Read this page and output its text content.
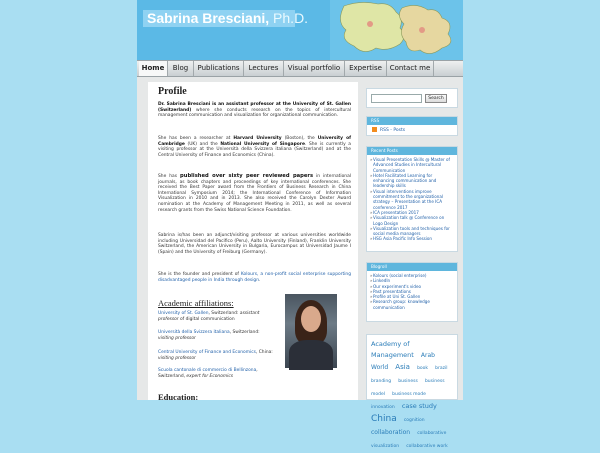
Sabrina Bresciani, Ph.D.
Home	Blog	Publications	Lectures	Visual portfolio	Expertise	Contact me
Profile
Dr. Sabrina Bresciani is an assistant professor at the University of St. Gallen (Switzerland) where she conducts research on the topics of intercultural management communication and visualization for organizational communication.
She has been a researcher at Harvard University (Boston), the University of Cambridge (UK) and the National University of Singapore. She is currently a visiting professor at the Università della Svizzera italiana (Switzerland) and at the Central University of Finance and Economics (China).
She has published over sixty peer reviewed papers in international journals, as book chapters and proceedings of key international conferences. She received the Best Paper award from the Frontiers of Business Research in China International Symposium 2014; the International Conference of Information Visualization in 2010 and in 2013. She also received the Carolyn Dexter Award nomination at the Academy of Management Meeting in 2011, as well as several research grants from the Swiss National Science Foundation.
Sabrina is/has been an adjunct/visiting professor at various universities worldwide including Universidad del Pacifico (Peru), Aalto University (Finland), Franklin University Switzerland, the American University in Bulgaria, Eurocampus at Universidad Jaume I (Spain) and the University of Freiburg (Germany).
She is the founder and president of Kolours, a non-profit social enterprise supporting disadvantaged people in India through design.
Academic affiliations:
University of St. Gallen, Switzerland: assistant professor of digital communication
Università della Svizzera italiana, Switzerland: visiting professor
Central University of Finance and Economics, China: visiting professor
Scuola cantonale di commercio di Bellinzona, Switzerland, expert for Economics
Education:
Search
RSS
RSS - Posts
Recent Posts
» Visual Presentation Skills @ Master of Advanced Studies in Intercultural Communication
» Hotel Facilitated Learning for enhancing communication and leadership skills
» Visual interventions improve commitment to the organizational strategy – Presentation at the ICA conference 2017
» ICA presentation 2017
» Visualization talk @ Conference on Logo Design
» Visualization tools and techniques for social media managers
» HSG Asia Pacific Info Session
Blogroll
» Kolours (social enterprise)
» LinkedIn
» Our experiment's video
» Past presentations
» Profile at Uni St. Gallen
» Research group: knowledge communication
Academy of Management Arab World Asia book brazil branding business business model business mode innovation case study China cognition collaboration collaborative visualization collaborative work
